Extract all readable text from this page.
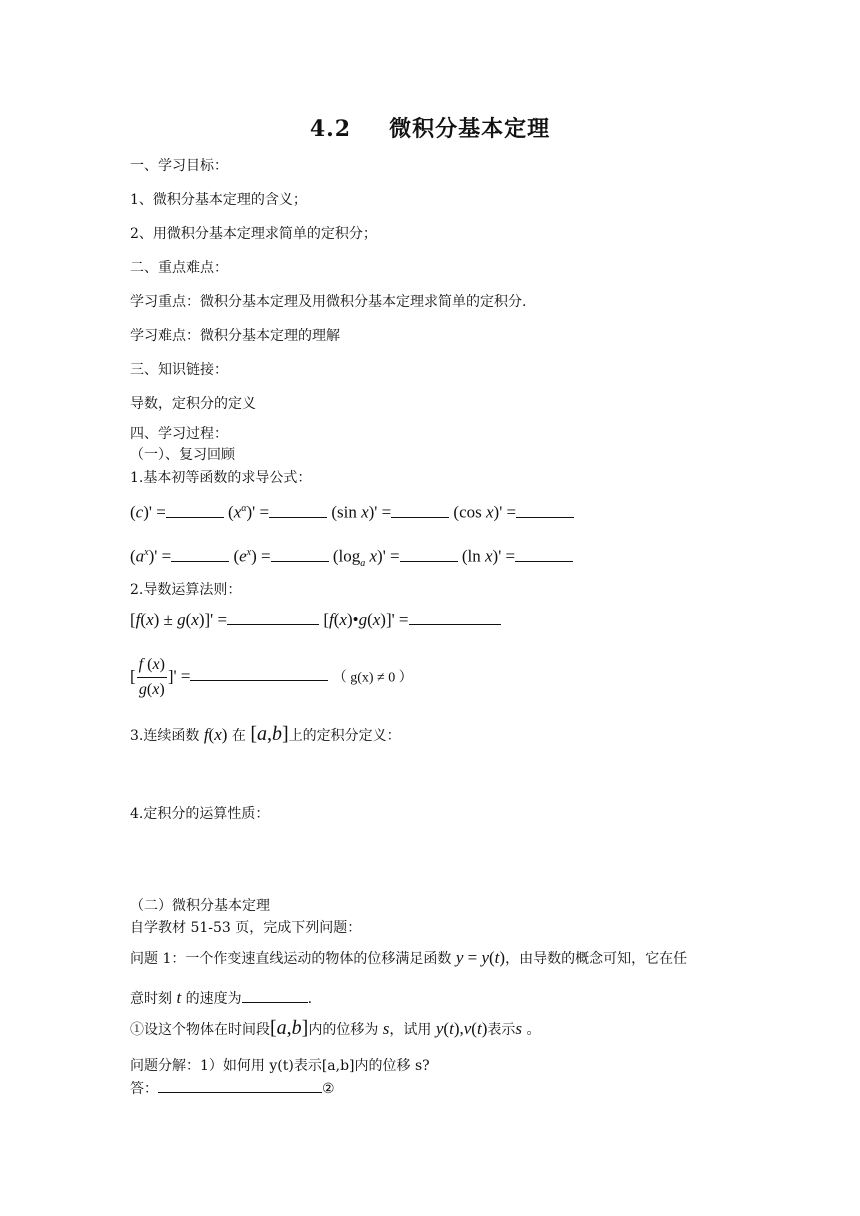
4.2 微积分基本定理
一、学习目标：
1、微积分基本定理的含义；
2、用微积分基本定理求简单的定积分；
二、重点难点：
学习重点：微积分基本定理及用微积分基本定理求简单的定积分.
学习难点：微积分基本定理的理解
三、知识链接：
导数，定积分的定义
四、学习过程：
（一）、复习回顾
1.基本初等函数的求导公式：
(c)' =	$(x^\alpha)'$ =	(sin x)' =	(cos x)' =
$(a^x)'$ =	$(e^x)$ =	($\log_a$ x)' =	(ln x)' =
2.导数运算法则：
[f(x) ± g(x)]' =	[f(x)•g(x)]' =
[ $\frac{f (x)}{g(x)}$ ]' =	（ g(x) ≠ 0 ）
3.连续函数 f(x) 在 [a,b]上的定积分定义：
4.定积分的运算性质：
（二）微积分基本定理
自学教材 51-53 页，完成下列问题：
问题 1：一个作变速直线运动的物体的位移满足函数 y = y(t)，由导数的概念可知，它在任
意时刻 t 的速度为	.
①设这个物体在时间段[a,b]内的位移为 s，试用 y(t),v(t)表示s 。
问题分解：1）如何用 y(t)表示[a,b]内的位移 s?
答：	②
